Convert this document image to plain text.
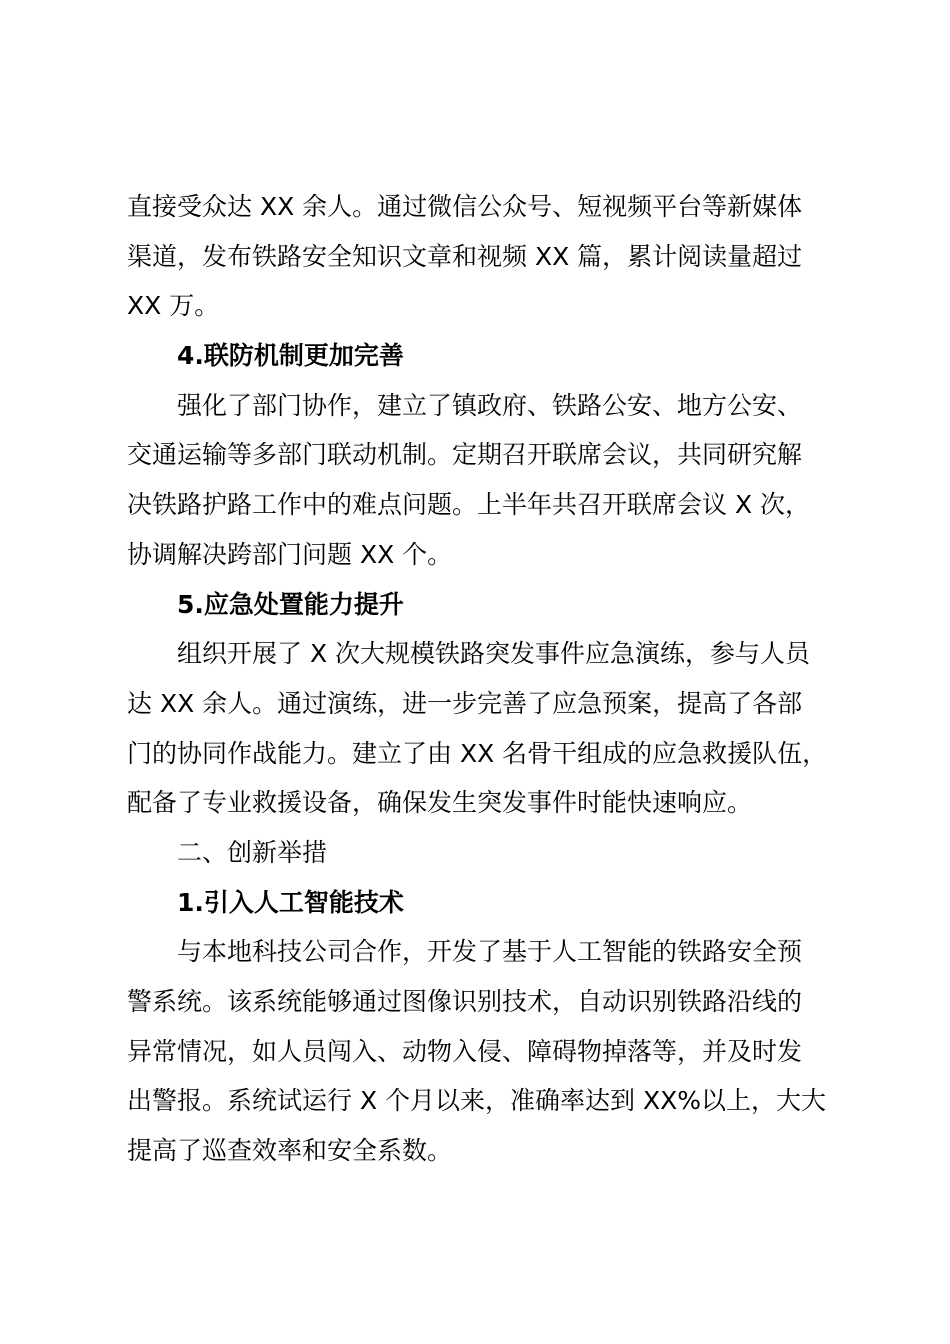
直接受众达 XX 余人。通过微信公众号、短视频平台等新媒体
渠道，发布铁路安全知识文章和视频 XX 篇，累计阅读量超过
XX 万。
4.联防机制更加完善
强化了部门协作，建立了镇政府、铁路公安、地方公安、
交通运输等多部门联动机制。定期召开联席会议，共同研究解
决铁路护路工作中的难点问题。上半年共召开联席会议 X 次，
协调解决跨部门问题 XX 个。
5.应急处置能力提升
组织开展了 X 次大规模铁路突发事件应急演练，参与人员
达 XX 余人。通过演练，进一步完善了应急预案，提高了各部
门的协同作战能力。建立了由 XX 名骨干组成的应急救援队伍，
配备了专业救援设备，确保发生突发事件时能快速响应。
二、创新举措
1.引入人工智能技术
与本地科技公司合作，开发了基于人工智能的铁路安全预
警系统。该系统能够通过图像识别技术，自动识别铁路沿线的
异常情况，如人员闯入、动物入侵、障碍物掉落等，并及时发
出警报。系统试运行 X 个月以来，准确率达到 XX%以上，大大
提高了巡查效率和安全系数。
